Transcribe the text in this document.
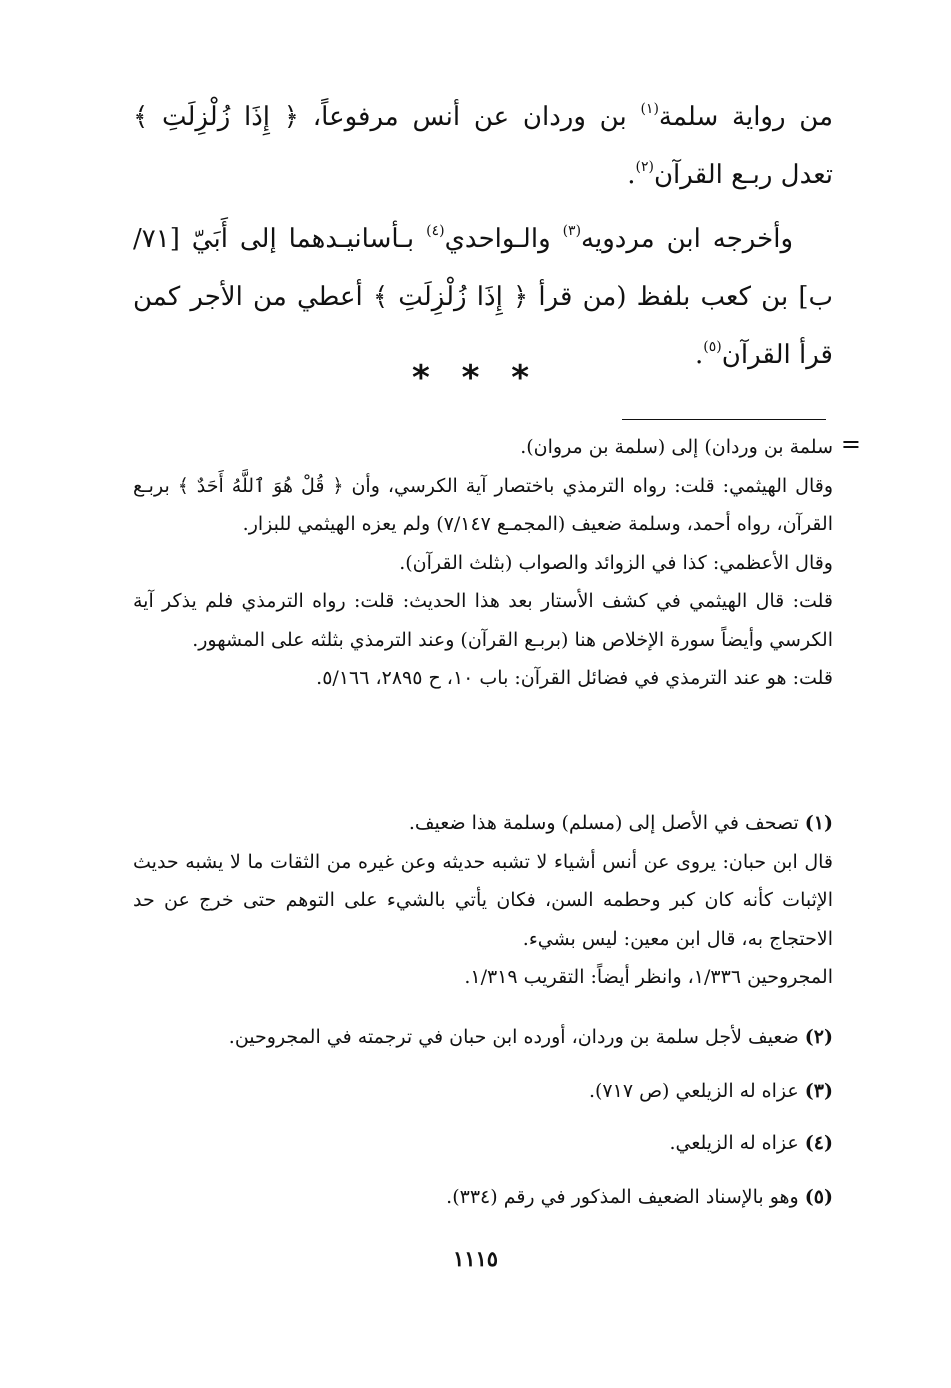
من رواية سلمة$^{(١)}$ بن وردان عن أنس مرفوعاً، ﴿ إِذَا زُلْزِلَتِ ﴾ تعدل ربـع القرآن$^{(٢)}$.

وأخرجه ابن مردويه$^{(٣)}$ والـواحدي$^{(٤)}$ بـأسانيـدهما إلى أَبَيّ [٧١/ب] بن كعب بلفظ (من قرأ ﴿ إِذَا زُلْزِلَتِ ﴾ أعطي من الأجر كمن قرأ القرآن$^{(٥)}$.

* * *
=

سلمة بن وردان) إلى (سلمة بن مروان).

وقال الهيثمي: قلت: رواه الترمذي باختصار آية الكرسي، وأن ﴿ قُلْ هُوَ ٱللَّهُ أَحَدٌ ﴾ بربـع القرآن، رواه أحمد، وسلمة ضعيف (المجمـع ٧/١٤٧) ولم يعزه الهيثمي للبزار.

وقال الأعظمي: كذا في الزوائد والصواب (بثلث القرآن).

قلت: قال الهيثمي في كشف الأستار بعد هذا الحديث: قلت: رواه الترمذي فلم يذكر آية الكرسي وأيضاً سورة الإخلاص هنا (بربـع القرآن) وعند الترمذي بثلثه على المشهور.

قلت: هو عند الترمذي في فضائل القرآن: باب ١٠، ح ٢٨٩٥، ٥/١٦٦.

(١) تصحف في الأصل إلى (مسلم) وسلمة هذا ضعيف.

قال ابن حبان: يروى عن أنس أشياء لا تشبه حديثه وعن غيره من الثقات ما لا يشبه حديث الإثبات كأنه كان كبر وحطمه السن، فكان يأتي بالشيء على التوهم حتى خرج عن حد الاحتجاج به، قال ابن معين: ليس بشيء.

المجروحين ١/٣٣٦، وانظر أيضاً: التقريب ١/٣١٩.

(٢) ضعيف لأجل سلمة بن وردان، أورده ابن حبان في ترجمته في المجروحين.
(٣) عزاه له الزيلعي (ص ٧١٧).
(٤) عزاه له الزيلعي.
(٥) وهو بالإسناد الضعيف المذكور في رقم (٣٣٤).
١١١٥
